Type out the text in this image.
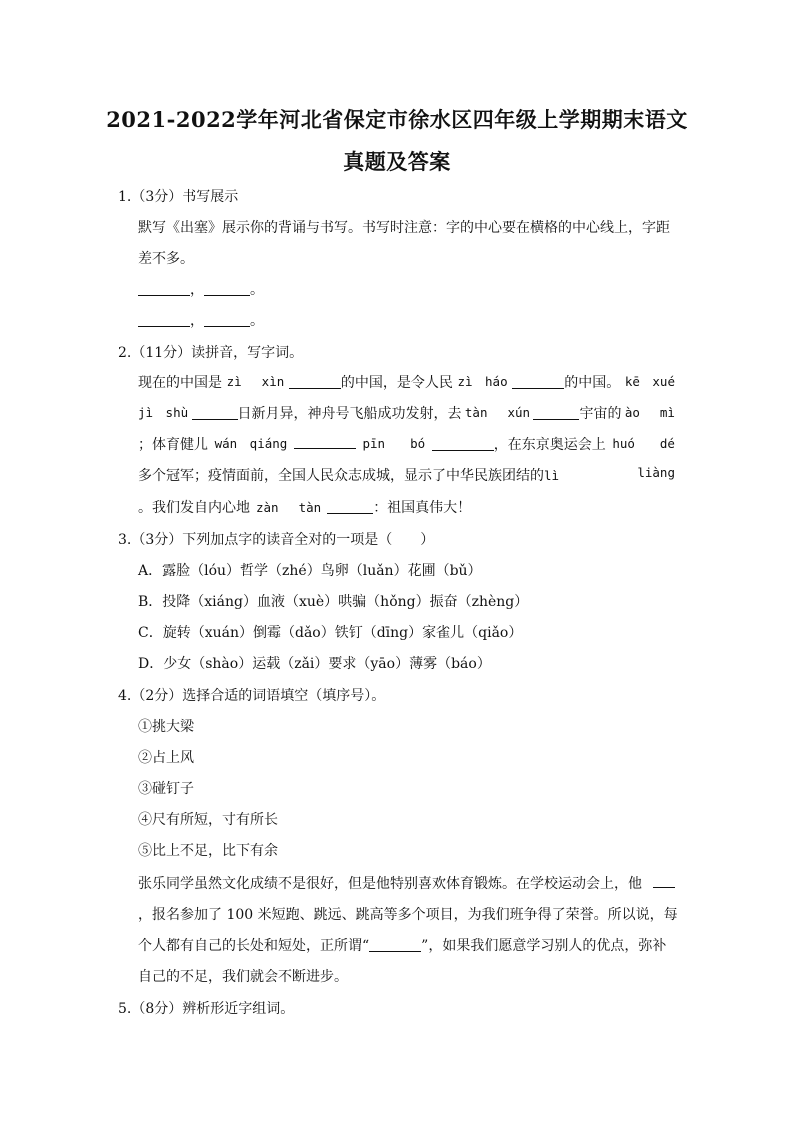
2021-2022学年河北省保定市徐水区四年级上学期期末语文
真题及答案
1.（3分）书写展示
默写《出塞》展示你的背诵与书写。书写时注意：字的中心要在横格的中心线上，字距
差不多。
，	。
，	。
2.（11分）读拼音，写字词。
现在的中国是 zì　 xìn	的中国，是令人民 zì　háo	的中国。 kē　xué
jì　shù	日新月异，神舟号飞船成功发射，去 tàn　 xún	宇宙的 ào　 mì
；体育健儿 wán　qiáng	pīn　　bó	，在东京奥运会上 huó　　dé
多个冠军；疫情面前，全国人民众志成城，显示了中华民族团结的lì	liàng
。我们发自内心地 zàn　 tàn	：祖国真伟大！
3.（3分）下列加点字的读音全对的一项是（　　）
A．露脸（lóu）哲学（zhé）鸟卵（luǎn）花圃（bǔ）
B．投降（xiáng）血液（xuè）哄骗（hǒng）振奋（zhèng）
C．旋转（xuán）倒霉（dǎo）铁钉（dīng）家雀儿（qiǎo）
D．少女（shào）运载（zǎi）要求（yāo）薄雾（báo）
4.（2分）选择合适的词语填空（填序号）。
①挑大梁
②占上风
③碰钉子
④尺有所短，寸有所长
⑤比上不足，比下有余
张乐同学虽然文化成绩不是很好，但是他特别喜欢体育锻炼。在学校运动会上，他
，报名参加了 100 米短跑、跳远、跳高等多个项目，为我们班争得了荣誉。所以说，每
个人都有自己的长处和短处，正所谓“	”，如果我们愿意学习别人的优点，弥补
自己的不足，我们就会不断进步。
5.（8分）辨析形近字组词。
